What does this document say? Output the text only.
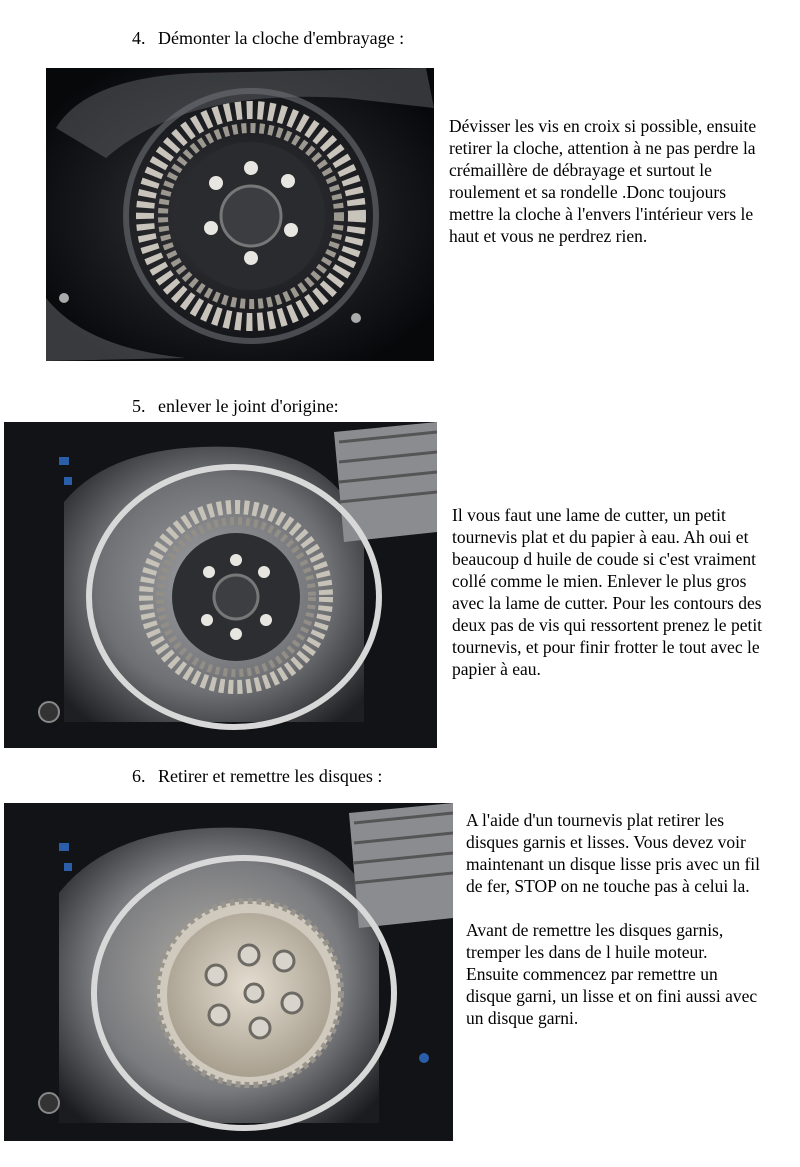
4. Démonter la cloche d'embrayage :
Dévisser les vis en croix si possible, ensuite
retirer la cloche, attention à ne pas perdre la
crémaillère de débrayage et surtout le
roulement et sa rondelle .Donc toujours
mettre la cloche à l'envers l'intérieur vers le
haut et vous ne perdrez rien.
5. enlever le joint d'origine:
Il vous faut une lame de cutter, un petit
tournevis plat et du papier à eau. Ah oui et
beaucoup d huile de coude si c'est vraiment
collé comme le mien. Enlever le plus gros
avec la lame de cutter. Pour les contours des
deux pas de vis qui ressortent prenez le petit
tournevis, et pour finir frotter le tout avec le
papier à eau.
6. Retirer et remettre les disques :
A l'aide d'un tournevis plat retirer les
disques garnis et lisses. Vous devez voir
maintenant un disque lisse pris avec un fil
de fer, STOP on ne touche pas à celui la.
Avant de remettre les disques garnis,
tremper les dans de l huile moteur.
Ensuite commencez par remettre un
disque garni, un lisse et on fini aussi avec
un disque garni.
